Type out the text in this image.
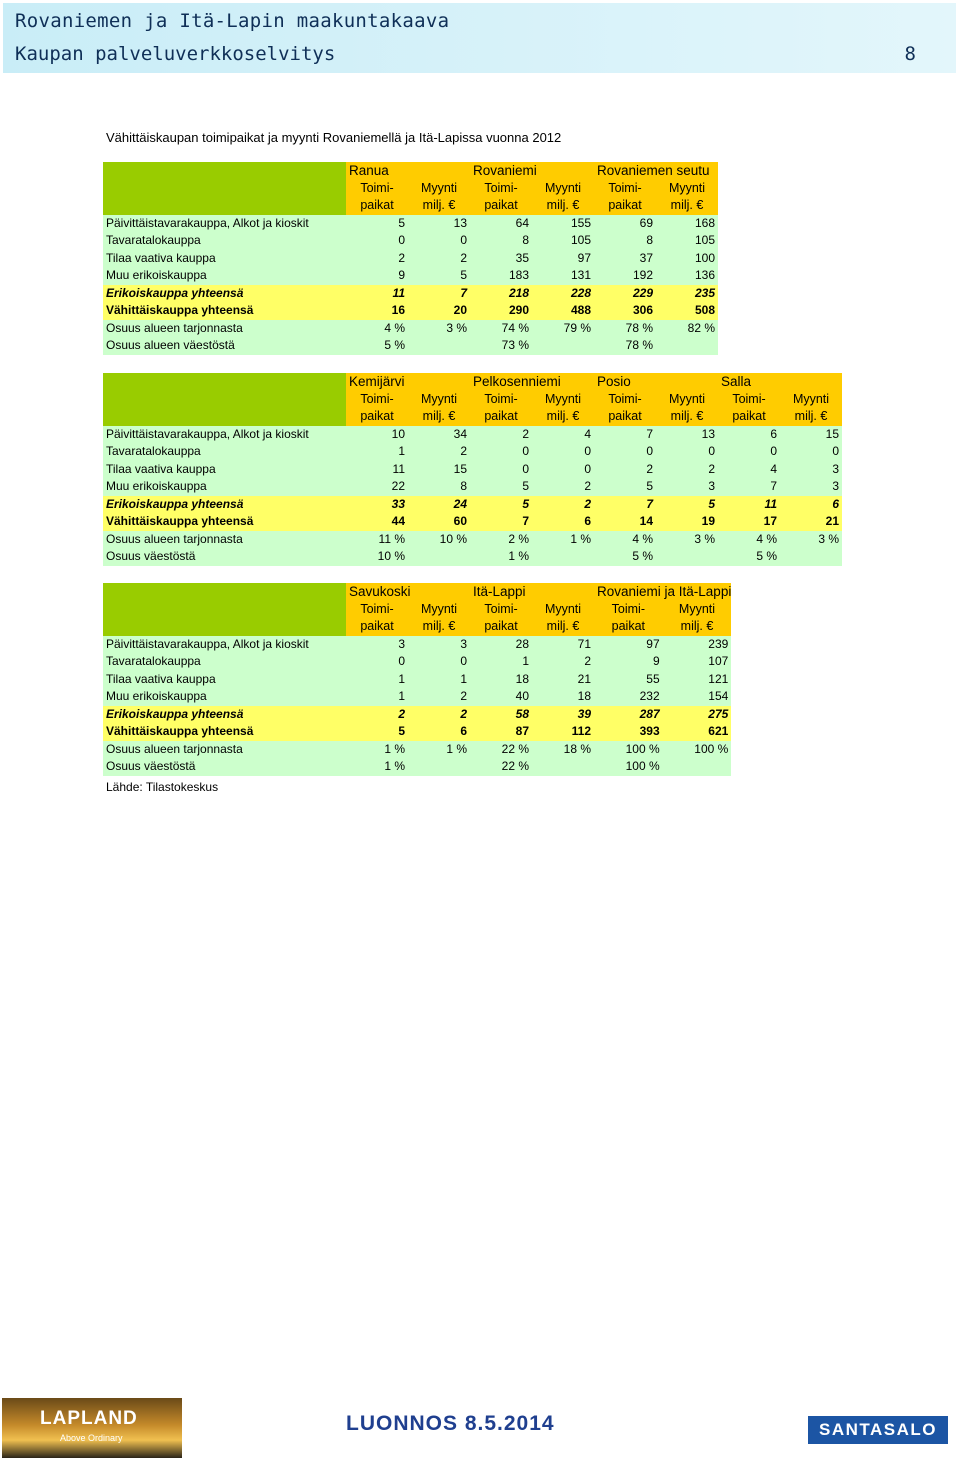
Rovaniemen ja Itä-Lapin maakuntakaava
Kaupan palveluverkkoselvitys	8
Vähittäiskaupan toimipaikat ja myynti Rovaniemellä ja Itä-Lapissa vuonna 2012
	Ranua		Rovaniemi		Rovaniemen seutu	
	Toimi-	Myynti	Toimi-	Myynti	Toimi-	Myynti
	paikat	milj. €	paikat	milj. €	paikat	milj. €
Päivittäistavarakauppa, Alkot ja kioskit	5	13	64	155	69	168
Tavaratalokauppa	0	0	8	105	8	105
Tilaa vaativa kauppa	2	2	35	97	37	100
Muu erikoiskauppa	9	5	183	131	192	136
Erikoiskauppa yhteensä	11	7	218	228	229	235
Vähittäiskauppa yhteensä	16	20	290	488	306	508
Osuus alueen tarjonnasta	4 %	3 %	74 %	79 %	78 %	82 %
Osuus alueen väestöstä	5 %		73 %		78 %	
	Kemijärvi		Pelkosenniemi		Posio		Salla	
	Toimi-	Myynti	Toimi-	Myynti	Toimi-	Myynti	Toimi-	Myynti
	paikat	milj. €	paikat	milj. €	paikat	milj. €	paikat	milj. €
Päivittäistavarakauppa, Alkot ja kioskit	10	34	2	4	7	13	6	15
Tavaratalokauppa	1	2	0	0	0	0	0	0
Tilaa vaativa kauppa	11	15	0	0	2	2	4	3
Muu erikoiskauppa	22	8	5	2	5	3	7	3
Erikoiskauppa yhteensä	33	24	5	2	7	5	11	6
Vähittäiskauppa yhteensä	44	60	7	6	14	19	17	21
Osuus alueen tarjonnasta	11 %	10 %	2 %	1 %	4 %	3 %	4 %	3 %
Osuus väestöstä	10 %		1 %		5 %		5 %	
	Savukoski		Itä-Lappi		Rovaniemi ja Itä-Lappi	
	Toimi-	Myynti	Toimi-	Myynti	Toimi-	Myynti
	paikat	milj. €	paikat	milj. €	paikat	milj. €
Päivittäistavarakauppa, Alkot ja kioskit	3	3	28	71	97	239
Tavaratalokauppa	0	0	1	2	9	107
Tilaa vaativa kauppa	1	1	18	21	55	121
Muu erikoiskauppa	1	2	40	18	232	154
Erikoiskauppa yhteensä	2	2	58	39	287	275
Vähittäiskauppa yhteensä	5	6	87	112	393	621
Osuus alueen tarjonnasta	1 %	1 %	22 %	18 %	100 %	100 %
Osuus väestöstä	1 %		22 %		100 %	
Lähde: Tilastokeskus
LAPLAND
Above Ordinary
LUONNOS 8.5.2014	SANTASALO
